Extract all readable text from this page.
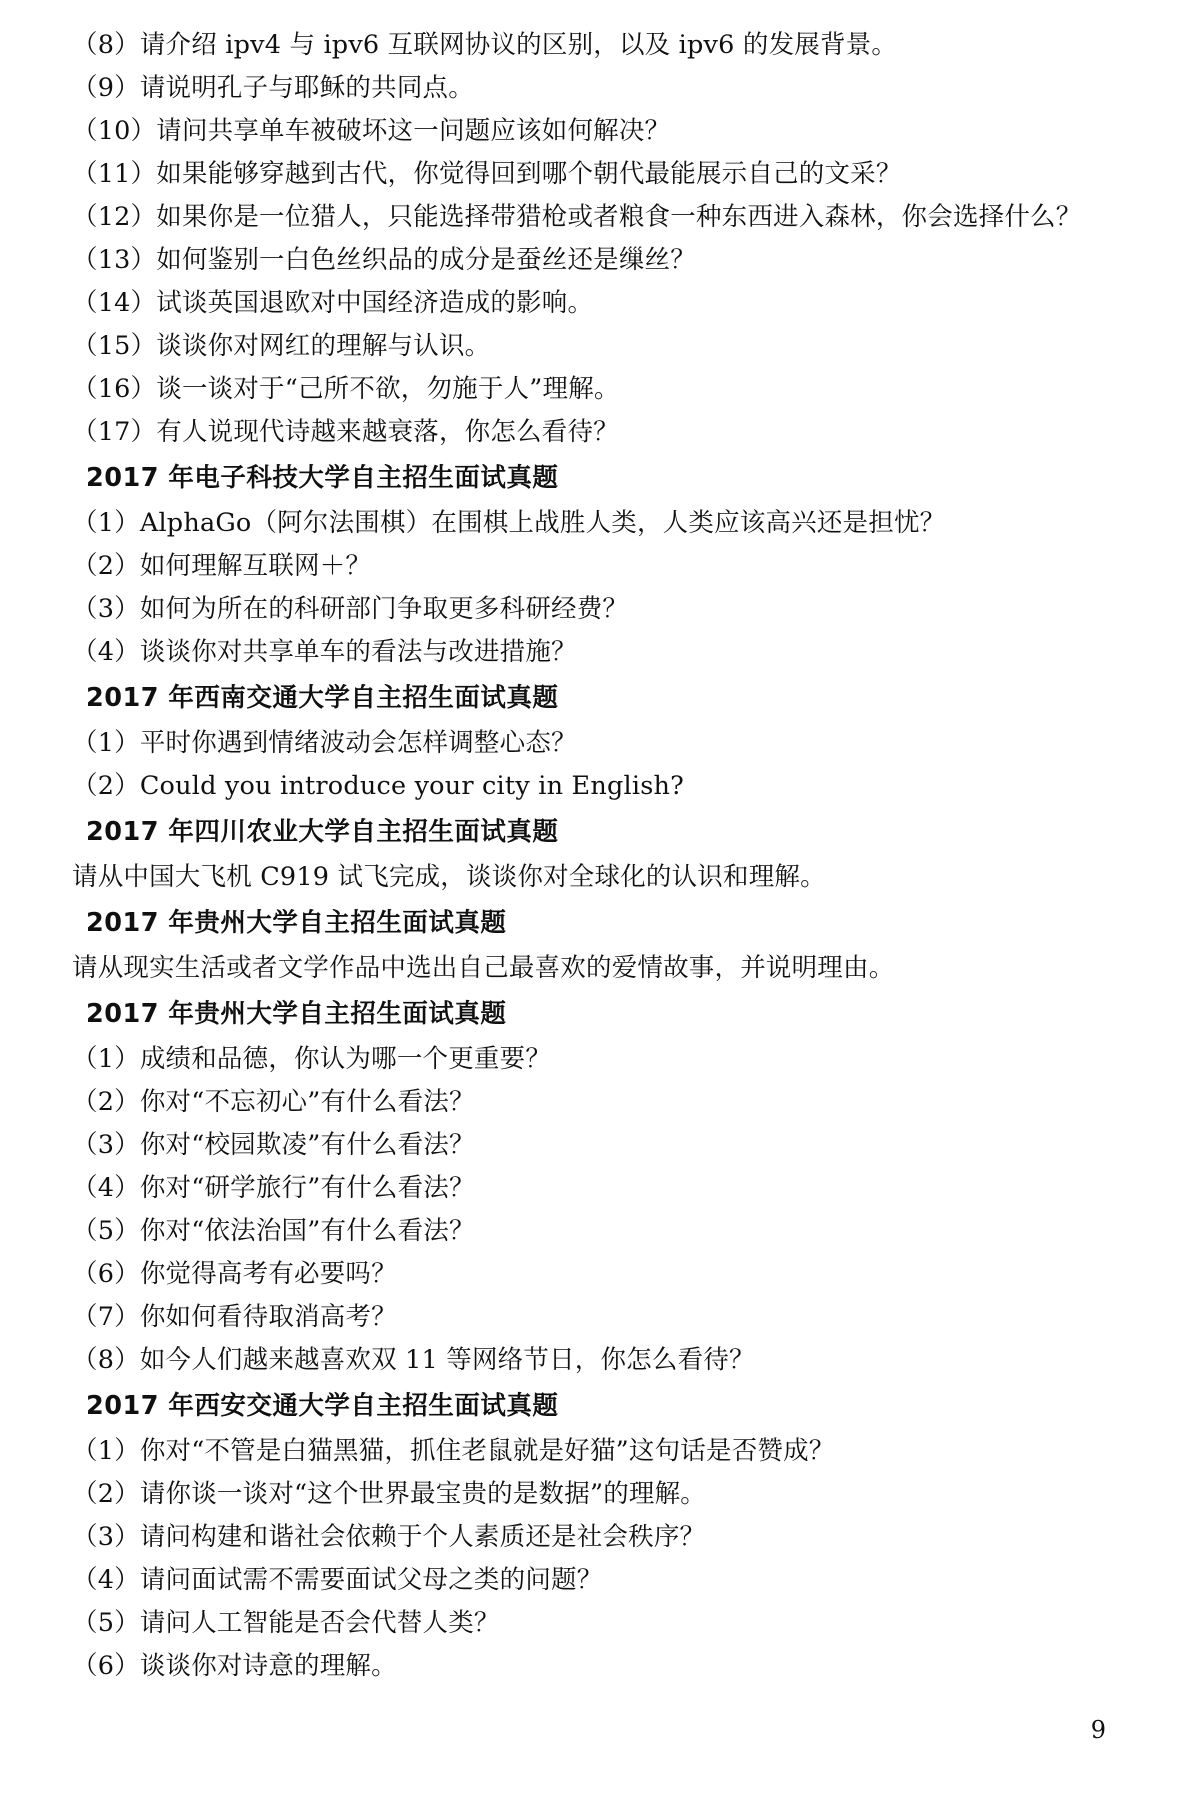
（8）请介绍 ipv4 与 ipv6 互联网协议的区别，以及 ipv6 的发展背景。
（9）请说明孔子与耶稣的共同点。
（10）请问共享单车被破坏这一问题应该如何解决？
（11）如果能够穿越到古代，你觉得回到哪个朝代最能展示自己的文采？
（12）如果你是一位猎人，只能选择带猎枪或者粮食一种东西进入森林，你会选择什么？
（13）如何鉴别一白色丝织品的成分是蚕丝还是缫丝？
（14）试谈英国退欧对中国经济造成的影响。
（15）谈谈你对网红的理解与认识。
（16）谈一谈对于“己所不欲，勿施于人”理解。
（17）有人说现代诗越来越衰落，你怎么看待？
2017 年电子科技大学自主招生面试真题
（1）AlphaGo（阿尔法围棋）在围棋上战胜人类，人类应该高兴还是担忧？
（2）如何理解互联网＋？
（3）如何为所在的科研部门争取更多科研经费？
（4）谈谈你对共享单车的看法与改进措施？
2017 年西南交通大学自主招生面试真题
（1）平时你遇到情绪波动会怎样调整心态？
（2）Could you introduce your city in English?
2017 年四川农业大学自主招生面试真题
请从中国大飞机 C919 试飞完成，谈谈你对全球化的认识和理解。
2017 年贵州大学自主招生面试真题
请从现实生活或者文学作品中选出自己最喜欢的爱情故事，并说明理由。
2017 年贵州大学自主招生面试真题
（1）成绩和品德，你认为哪一个更重要？
（2）你对“不忘初心”有什么看法？
（3）你对“校园欺凌”有什么看法？
（4）你对“研学旅行”有什么看法？
（5）你对“依法治国”有什么看法？
（6）你觉得高考有必要吗？
（7）你如何看待取消高考？
（8）如今人们越来越喜欢双 11 等网络节日，你怎么看待？
2017 年西安交通大学自主招生面试真题
（1）你对“不管是白猫黑猫，抓住老鼠就是好猫”这句话是否赞成？
（2）请你谈一谈对“这个世界最宝贵的是数据”的理解。
（3）请问构建和谐社会依赖于个人素质还是社会秩序？
（4）请问面试需不需要面试父母之类的问题？
（5）请问人工智能是否会代替人类？
（6）谈谈你对诗意的理解。
9
